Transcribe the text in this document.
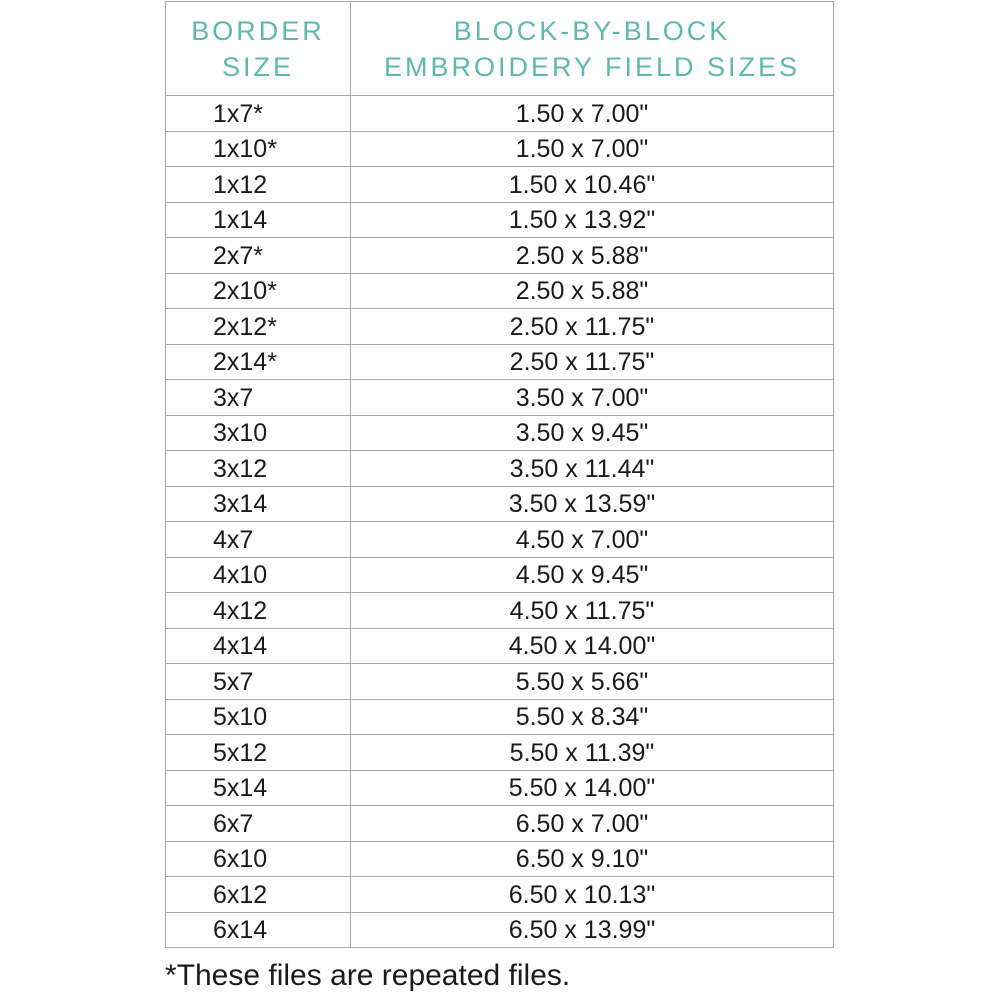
BORDER
SIZE	BLOCK-BY-BLOCK
EMBROIDERY FIELD SIZES

1x7*	1.50 x 7.00"
1x10*	1.50 x 7.00"
1x12	1.50 x 10.46"
1x14	1.50 x 13.92"
2x7*	2.50 x 5.88"
2x10*	2.50 x 5.88"
2x12*	2.50 x 11.75"
2x14*	2.50 x 11.75"
3x7	3.50 x 7.00"
3x10	3.50 x 9.45"
3x12	3.50 x 11.44"
3x14	3.50 x 13.59"
4x7	4.50 x 7.00"
4x10	4.50 x 9.45"
4x12	4.50 x 11.75"
4x14	4.50 x 14.00"
5x7	5.50 x 5.66"
5x10	5.50 x 8.34"
5x12	5.50 x 11.39"
5x14	5.50 x 14.00"
6x7	6.50 x 7.00"
6x10	6.50 x 9.10"
6x12	6.50 x 10.13"
6x14	6.50 x 13.99"
*These files are repeated files.
